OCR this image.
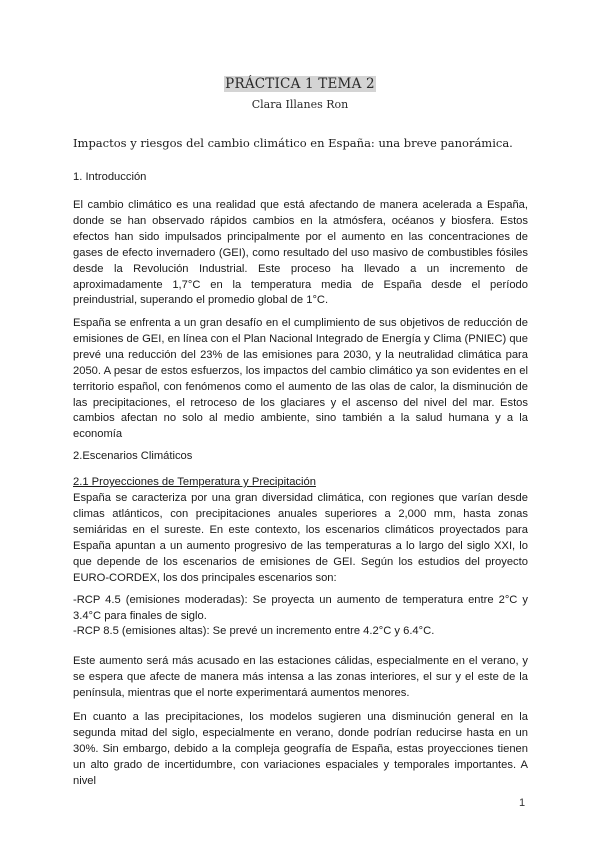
PRÁCTICA 1 TEMA 2
Clara Illanes Ron
Impactos y riesgos del cambio climático en España: una breve panorámica.
1. Introducción

El cambio climático es una realidad que está afectando de manera acelerada a España, donde se han observado rápidos cambios en la atmósfera, océanos y biosfera. Estos efectos han sido impulsados principalmente por el aumento en las concentraciones de gases de efecto invernadero (GEI), como resultado del uso masivo de combustibles fósiles desde la Revolución Industrial. Este proceso ha llevado a un incremento de aproximadamente 1,7°C en la temperatura media de España desde el período preindustrial, superando el promedio global de 1°C.

España se enfrenta a un gran desafío en el cumplimiento de sus objetivos de reducción de emisiones de GEI, en línea con el Plan Nacional Integrado de Energía y Clima (PNIEC) que prevé una reducción del 23% de las emisiones para 2030, y la neutralidad climática para 2050. A pesar de estos esfuerzos, los impactos del cambio climático ya son evidentes en el territorio español, con fenómenos como el aumento de las olas de calor, la disminución de las precipitaciones, el retroceso de los glaciares y el ascenso del nivel del mar. Estos cambios afectan no solo al medio ambiente, sino también a la salud humana y a la economía

2.Escenarios Climáticos
2.1 Proyecciones de Temperatura y Precipitación

España se caracteriza por una gran diversidad climática, con regiones que varían desde climas atlánticos, con precipitaciones anuales superiores a 2,000 mm, hasta zonas semiáridas en el sureste. En este contexto, los escenarios climáticos proyectados para España apuntan a un aumento progresivo de las temperaturas a lo largo del siglo XXI, lo que depende de los escenarios de emisiones de GEI. Según los estudios del proyecto EURO-CORDEX, los dos principales escenarios son:

-RCP 4.5 (emisiones moderadas): Se proyecta un aumento de temperatura entre 2°C y 3.4°C para finales de siglo.

-RCP 8.5 (emisiones altas): Se prevé un incremento entre 4.2°C y 6.4°C.

Este aumento será más acusado en las estaciones cálidas, especialmente en el verano, y se espera que afecte de manera más intensa a las zonas interiores, el sur y el este de la península, mientras que el norte experimentará aumentos menores.

En cuanto a las precipitaciones, los modelos sugieren una disminución general en la segunda mitad del siglo, especialmente en verano, donde podrían reducirse hasta en un 30%. Sin embargo, debido a la compleja geografía de España, estas proyecciones tienen un alto grado de incertidumbre, con variaciones espaciales y temporales importantes. A nivel

1
